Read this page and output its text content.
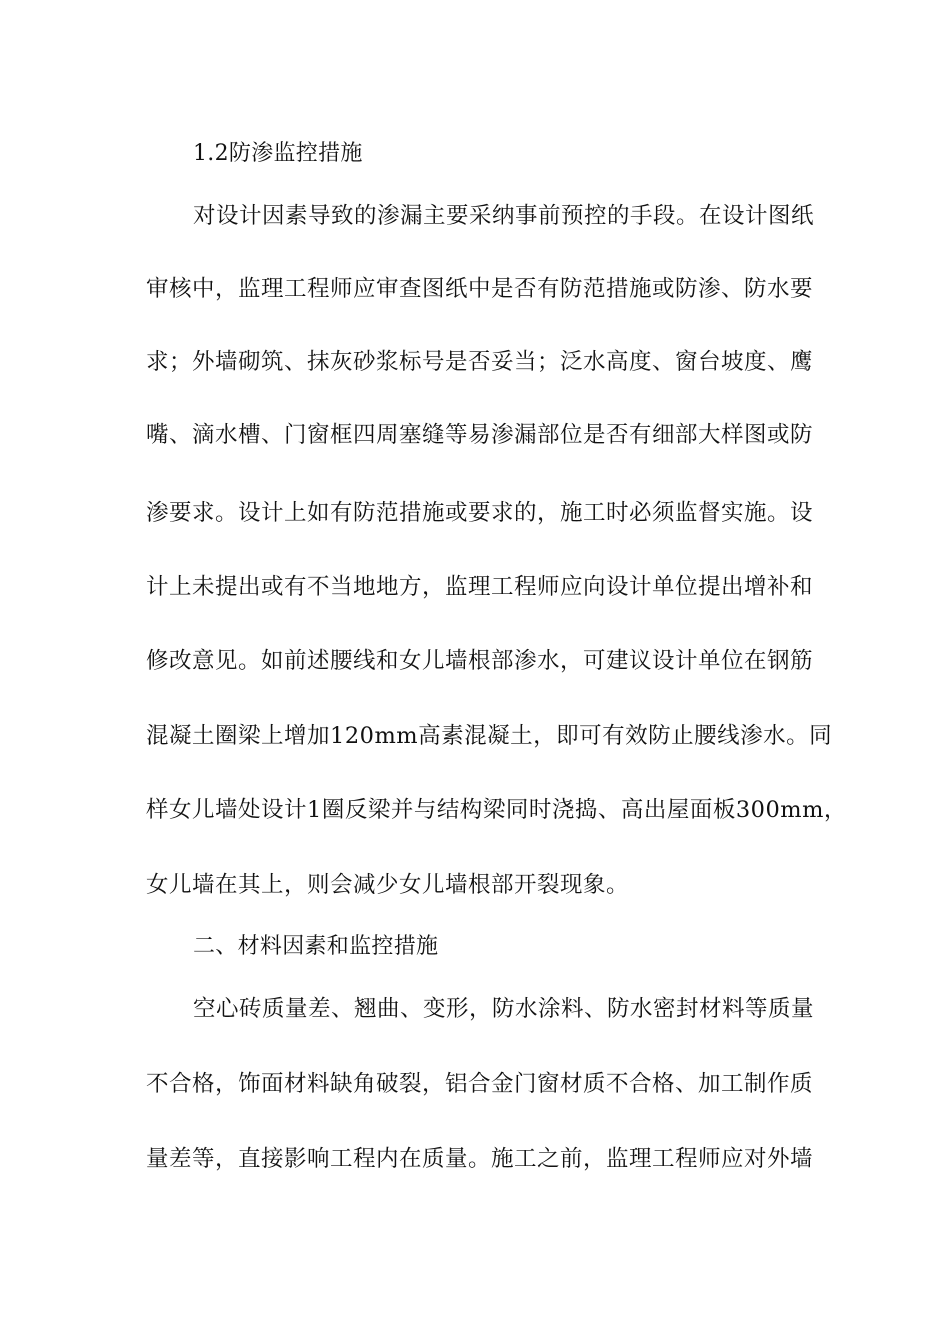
1.2防渗监控措施
对设计因素导致的渗漏主要采纳事前预控的手段。在设计图纸
审核中，监理工程师应审查图纸中是否有防范措施或防渗、防水要
求；外墙砌筑、抹灰砂浆标号是否妥当；泛水高度、窗台坡度、鹰
嘴、滴水槽、门窗框四周塞缝等易渗漏部位是否有细部大样图或防
渗要求。设计上如有防范措施或要求的，施工时必须监督实施。设
计上未提出或有不当地地方，监理工程师应向设计单位提出增补和
修改意见。如前述腰线和女儿墙根部渗水，可建议设计单位在钢筋
混凝土圈梁上增加120mm高素混凝土，即可有效防止腰线渗水。同
样女儿墙处设计1圈反梁并与结构梁同时浇捣、高出屋面板300mm，
女儿墙在其上，则会减少女儿墙根部开裂现象。
二、材料因素和监控措施
空心砖质量差、翘曲、变形，防水涂料、防水密封材料等质量
不合格，饰面材料缺角破裂，铝合金门窗材质不合格、加工制作质
量差等，直接影响工程内在质量。施工之前，监理工程师应对外墙
